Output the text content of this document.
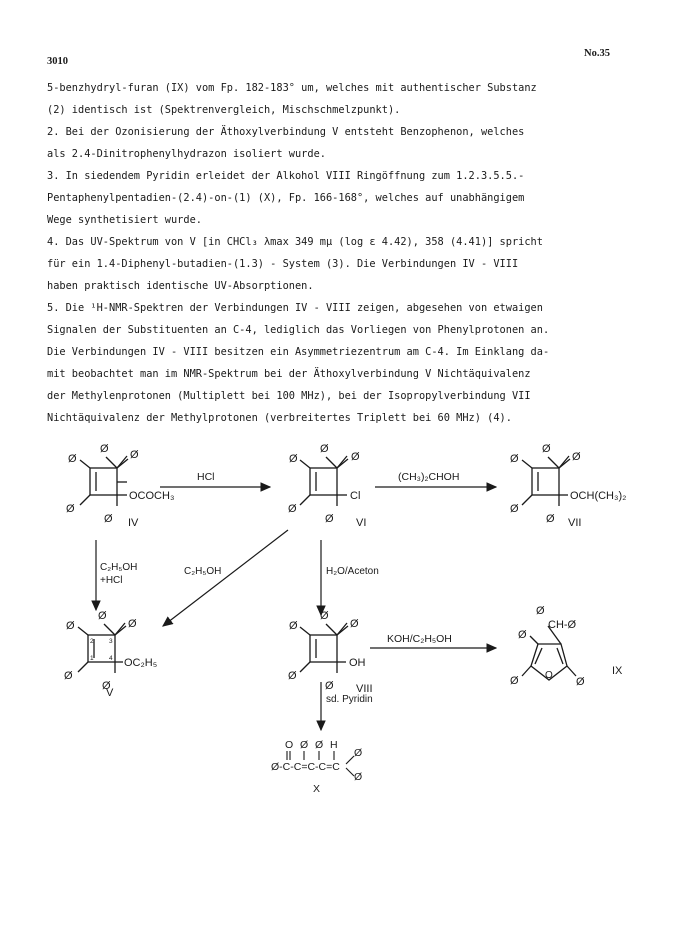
3010
No.35
5-benzhydryl-furan (IX) vom Fp. 182-183° um, welches mit authentischer Substanz
(2) identisch ist (Spektrenvergleich, Mischschmelzpunkt).
2. Bei der Ozonisierung der Äthoxylverbindung V entsteht Benzophenon, welches
als 2.4-Dinitrophenylhydrazon isoliert wurde.
3. In siedendem Pyridin erleidet der Alkohol VIII Ringöffnung zum 1.2.3.5.5.-
Pentaphenylpentadien-(2.4)-on-(1) (X), Fp. 166-168°, welches auf unabhängigem
Wege synthetisiert wurde.
4. Das UV-Spektrum von V [in CHCl₃ λmax 349 mμ (log ε 4.42), 358 (4.41)] spricht
für ein 1.4-Diphenyl-butadien-(1.3) - System (3). Die Verbindungen IV - VIII
haben praktisch identische UV-Absorptionen.
5. Die ¹H-NMR-Spektren der Verbindungen IV - VIII zeigen, abgesehen von etwaigen
Signalen der Substituenten an C-4, lediglich das Vorliegen von Phenylprotonen an.
Die Verbindungen IV - VIII besitzen ein Asymmetriezentrum am C-4. Im Einklang da-
mit beobachtet man im NMR-Spektrum bei der Äthoxylverbindung V Nichtäquivalenz
der Methylenprotonen (Multiplett bei 100 MHz), bei der Isopropylverbindung VII
Nichtäquivalenz der Methylprotonen (verbreitertes Triplett bei 60 MHz) (4).
Ø Ø
Ø
Ø
Ø
OCOCH₃
IV
HCl
Ø
Ø
Ø
Ø
Ø
Cl
VI
(CH₃)₂CHOH
Ø
Ø
Ø
Ø
Ø
OCH(CH₃)₂
VII
C₂H₅OH
+HCl
C₂H₅OH	H₂O/Aceton
Ø
Ø
Ø
Ø
Ø
OC₂H₅
V
2 3
1 4
Ø
Ø
Ø
Ø
Ø
OH
VIII
KOH/C₂H₅OH
Ø
CH-Ø
Ø
Ø	Ø
O	IX
sd. Pyridin
O Ø Ø H
Ø-C-C=C-C=C
Ø
Ø
X
